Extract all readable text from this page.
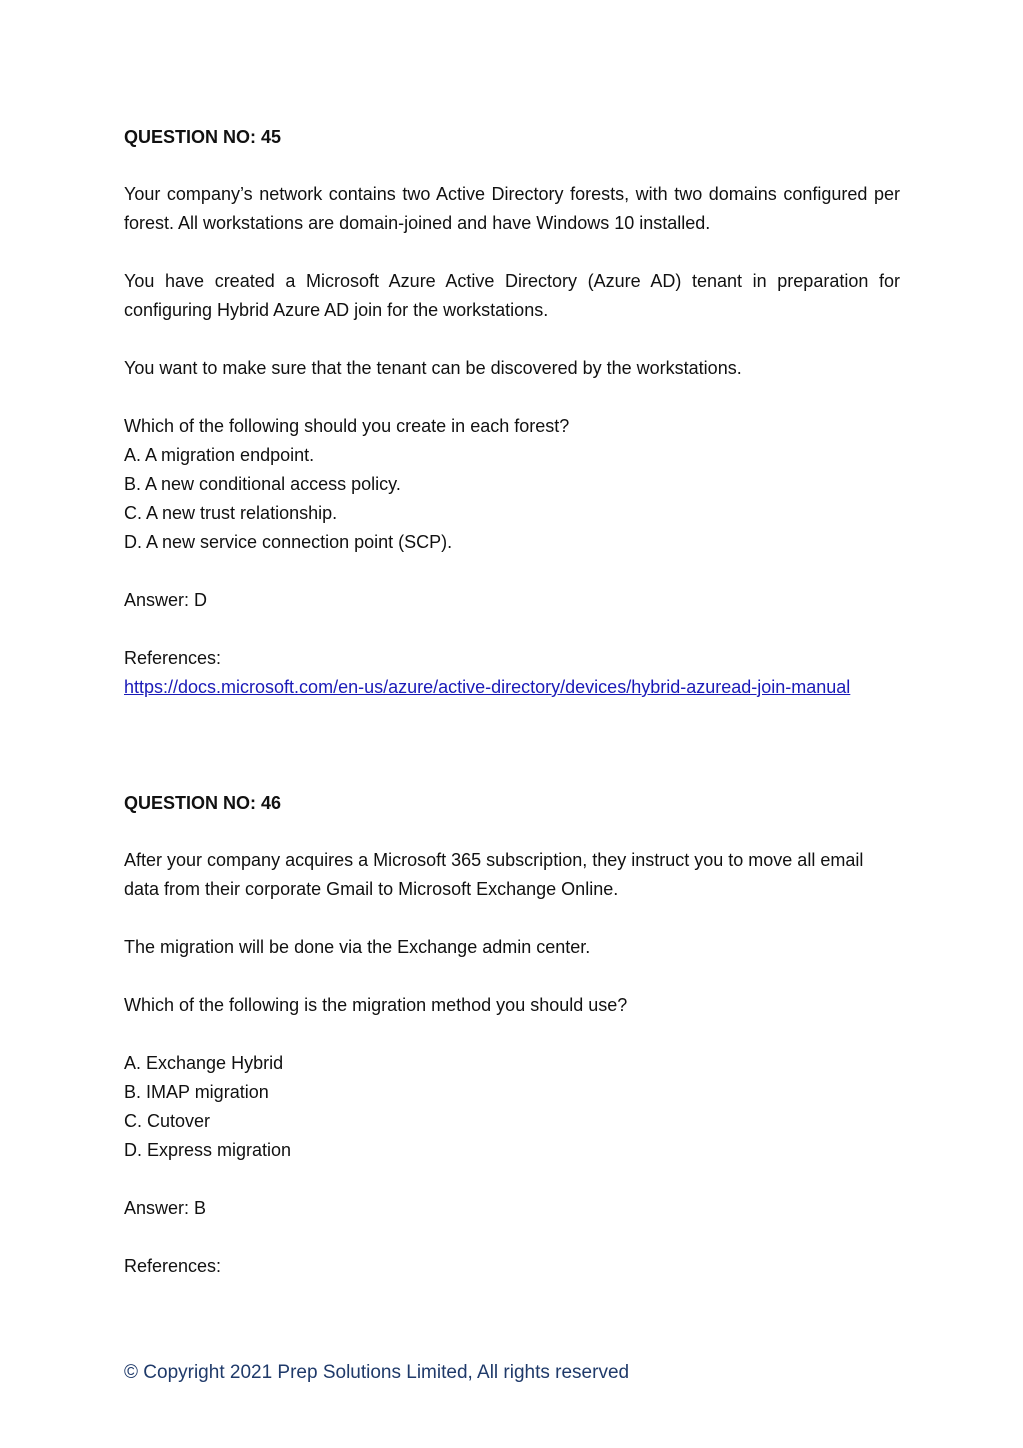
QUESTION NO: 45
Your company’s network contains two Active Directory forests, with two domains configured per forest. All workstations are domain-joined and have Windows 10 installed.
You have created a Microsoft Azure Active Directory (Azure AD) tenant in preparation for configuring Hybrid Azure AD join for the workstations.
You want to make sure that the tenant can be discovered by the workstations.
Which of the following should you create in each forest?
A. A migration endpoint.
B. A new conditional access policy.
C. A new trust relationship.
D. A new service connection point (SCP).
Answer: D
References:
https://docs.microsoft.com/en-us/azure/active-directory/devices/hybrid-azuread-join-manual
QUESTION NO: 46
After your company acquires a Microsoft 365 subscription, they instruct you to move all email data from their corporate Gmail to Microsoft Exchange Online.
The migration will be done via the Exchange admin center.
Which of the following is the migration method you should use?
A. Exchange Hybrid
B. IMAP migration
C. Cutover
D. Express migration
Answer: B
References:
© Copyright 2021 Prep Solutions Limited, All rights reserved
